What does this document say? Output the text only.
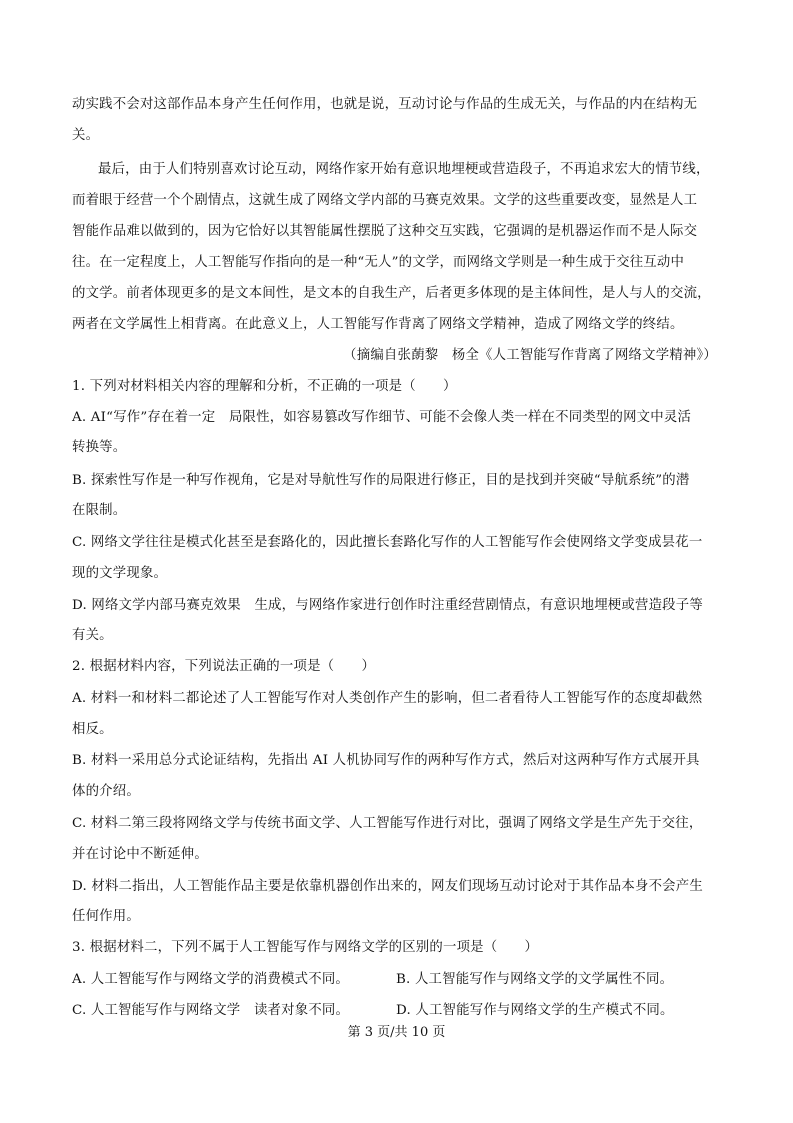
动实践不会对这部作品本身产生任何作用，也就是说，互动讨论与作品的生成无关，与作品的内在结构无
关。
最后，由于人们特别喜欢讨论互动，网络作家开始有意识地埋梗或营造段子，不再追求宏大的情节线，
而着眼于经营一个个剧情点，这就生成了网络文学内部的马赛克效果。文学的这些重要改变，显然是人工
智能作品难以做到的，因为它恰好以其智能属性摆脱了这种交互实践，它强调的是机器运作而不是人际交
往。在一定程度上，人工智能写作指向的是一种“无人”的文学，而网络文学则是一种生成于交往互动中
的文学。前者体现更多的是文本间性，是文本的自我生产，后者更多体现的是主体间性，是人与人的交流，
两者在文学属性上相背离。在此意义上，人工智能写作背离了网络文学精神，造成了网络文学的终结。
（摘编自张蓢黎　杨全《人工智能写作背离了网络文学精神》）
1. 下列对材料相关内容的理解和分析，不正确的一项是（　　）
A. AI“写作”存在着一定　局限性，如容易篡改写作细节、可能不会像人类一样在不同类型的网文中灵活
转换等。
B. 探索性写作是一种写作视角，它是对导航性写作的局限进行修正，目的是找到并突破“导航系统”的潜
在限制。
C. 网络文学往往是模式化甚至是套路化的，因此擅长套路化写作的人工智能写作会使网络文学变成昙花一
现的文学现象。
D. 网络文学内部马赛克效果　生成，与网络作家进行创作时注重经营剧情点，有意识地埋梗或营造段子等
有关。
2. 根据材料内容，下列说法正确的一项是（　　）
A. 材料一和材料二都论述了人工智能写作对人类创作产生的影响，但二者看待人工智能写作的态度却截然
相反。
B. 材料一采用总分式论证结构，先指出 AI 人机协同写作的两种写作方式，然后对这两种写作方式展开具
体的介绍。
C. 材料二第三段将网络文学与传统书面文学、人工智能写作进行对比，强调了网络文学是生产先于交往，
并在讨论中不断延伸。
D. 材料二指出，人工智能作品主要是依靠机器创作出来的，网友们现场互动讨论对于其作品本身不会产生
任何作用。
3. 根据材料二，下列不属于人工智能写作与网络文学的区别的一项是（　　）
A. 人工智能写作与网络文学的消费模式不同。	B. 人工智能写作与网络文学的文学属性不同。
C. 人工智能写作与网络文学　读者对象不同。	D. 人工智能写作与网络文学的生产模式不同。
第 3 页/共 10 页
